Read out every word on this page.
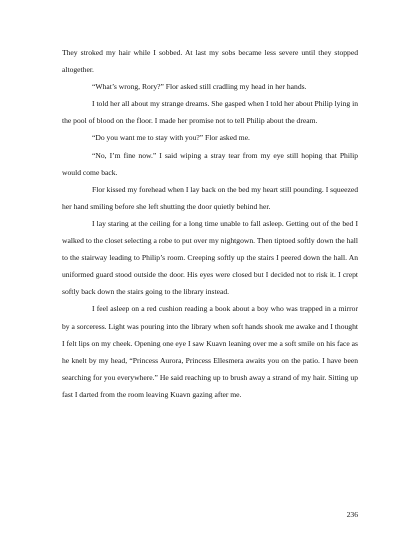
They stroked my hair while I sobbed. At last my sobs became less severe until they stopped altogether.

“What’s wrong, Rory?” Flor asked still cradling my head in her hands.

I told her all about my strange dreams. She gasped when I told her about Philip lying in the pool of blood on the floor. I made her promise not to tell Philip about the dream.

“Do you want me to stay with you?” Flor asked me.

“No, I’m fine now.” I said wiping a stray tear from my eye still hoping that Philip would come back.

Flor kissed my forehead when I lay back on the bed my heart still pounding. I squeezed her hand smiling before she left shutting the door quietly behind her.

I lay staring at the ceiling for a long time unable to fall asleep. Getting out of the bed I walked to the closet selecting a robe to put over my nightgown. Then tiptoed softly down the hall to the stairway leading to Philip’s room. Creeping softly up the stairs I peered down the hall. An uniformed guard stood outside the door. His eyes were closed but I decided not to risk it. I crept softly back down the stairs going to the library instead.

I feel asleep on a red cushion reading a book about a boy who was trapped in a mirror by a sorceress. Light was pouring into the library when soft hands shook me awake and I thought I felt lips on my cheek. Opening one eye I saw Kuavn leaning over me a soft smile on his face as he knelt by my head, “Princess Aurora, Princess Ellesmera awaits you on the patio. I have been searching for you everywhere.” He said reaching up to brush away a strand of my hair. Sitting up fast I darted from the room leaving Kuavn gazing after me.

236
